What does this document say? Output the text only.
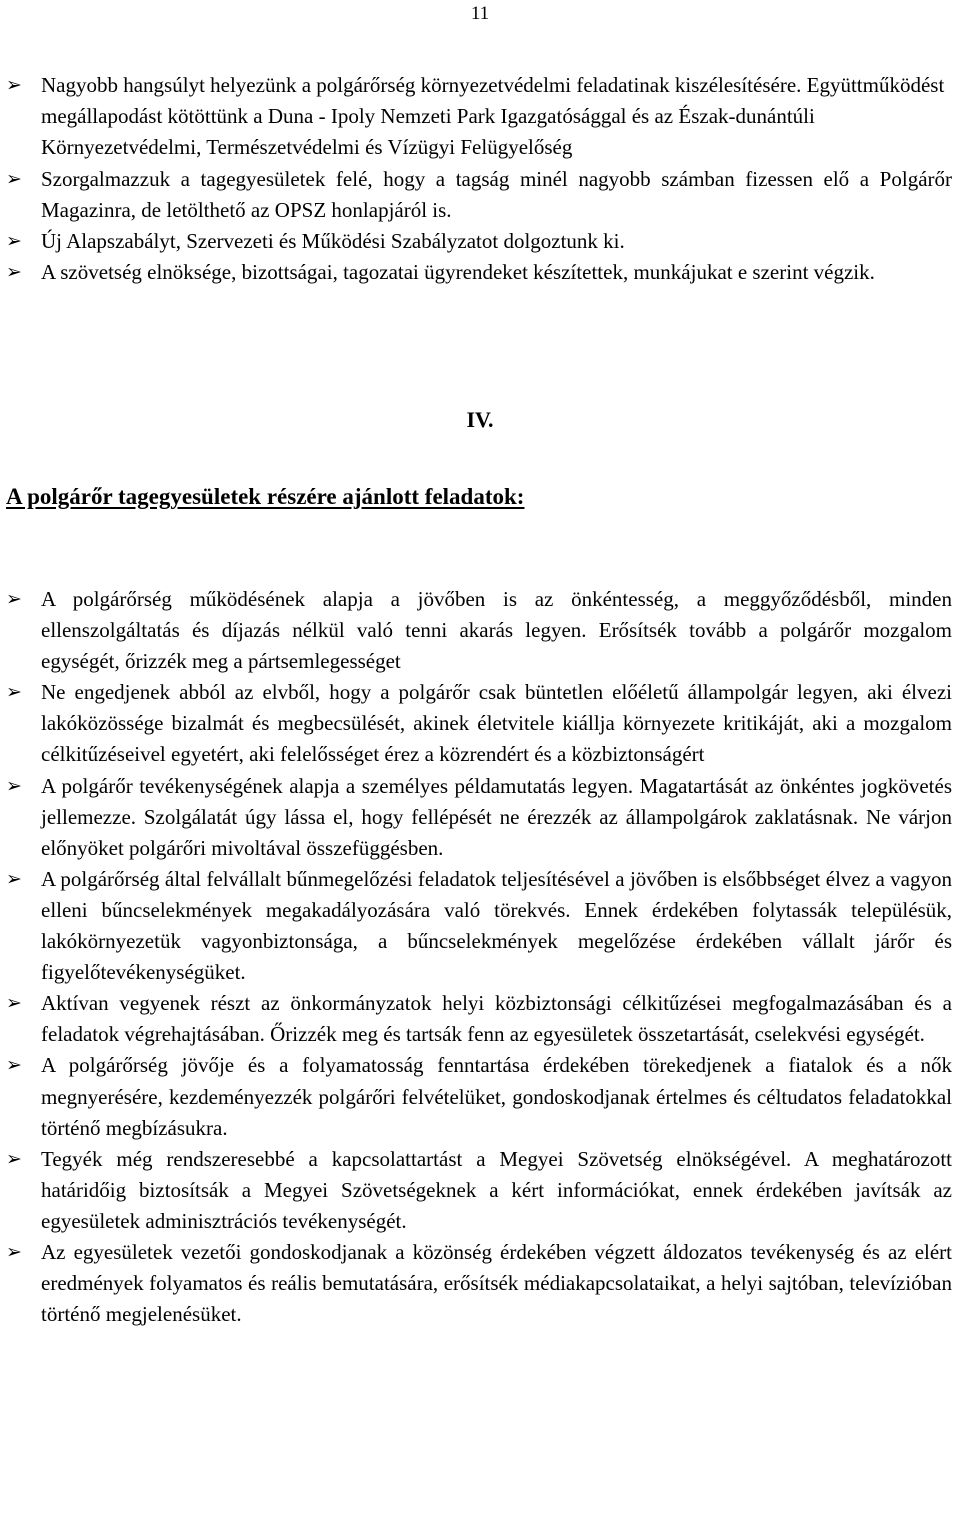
11
➢ Nagyobb hangsúlyt helyezünk a polgárőrség környezetvédelmi feladatinak kiszélesítésére. Együttműködést megállapodást kötöttünk a Duna - Ipoly Nemzeti Park Igazgatósággal és az Észak-dunántúli Környezetvédelmi, Természetvédelmi és Vízügyi Felügyelőség
➢ Szorgalmazzuk a tagegyesületek felé, hogy a tagság minél nagyobb számban fizessen elő a Polgárőr Magazinra, de letölthető az OPSZ honlapjáról is.
➢ Új Alapszabályt, Szervezeti és Működési Szabályzatot dolgoztunk ki.
➢ A szövetség elnöksége, bizottságai, tagozatai ügyrendeket készítettek, munkájukat e szerint végzik.
IV.
A polgárőr tagegyesületek részére ajánlott feladatok:
➢ A polgárőrség működésének alapja a jövőben is az önkéntesség, a meggyőződésből, minden ellenszolgáltatás és díjazás nélkül való tenni akarás legyen. Erősítsék tovább a polgárőr mozgalom egységét, őrizzék meg a pártsemlegességet
➢ Ne engedjenek abból az elvből, hogy a polgárőr csak büntetlen előéletű állampolgár legyen, aki élvezi lakóközössége bizalmát és megbecsülését, akinek életvitele kiállja környezete kritikáját, aki a mozgalom célkitűzéseivel egyetért, aki felelősséget érez a közrendért és a közbiztonságért
➢ A polgárőr tevékenységének alapja a személyes példamutatás legyen. Magatartását az önkéntes jogkövetés jellemezze. Szolgálatát úgy lássa el, hogy fellépését ne érezzék az állampolgárok zaklatásnak. Ne várjon előnyöket polgárőri mivoltával összefüggésben.
➢ A polgárőrség által felvállalt bűnmegelőzési feladatok teljesítésével a jövőben is elsőbbséget élvez a vagyon elleni bűncselekmények megakadályozására való törekvés. Ennek érdekében folytassák településük, lakókörnyezetük vagyonbiztonsága, a bűncselekmények megelőzése érdekében vállalt járőr és figyelőtevékenységüket.
➢ Aktívan vegyenek részt az önkormányzatok helyi közbiztonsági célkitűzései megfogalmazásában és a feladatok végrehajtásában. Őrizzék meg és tartsák fenn az egyesületek összetartását, cselekvési egységét.
➢ A polgárőrség jövője és a folyamatosság fenntartása érdekében törekedjenek a fiatalok és a nők megnyerésére, kezdeményezzék polgárőri felvételüket, gondoskodjanak értelmes és céltudatos feladatokkal történő megbízásukra.
➢ Tegyék még rendszeresebbé a kapcsolattartást a Megyei Szövetség elnökségével. A meghatározott határidőig biztosítsák a Megyei Szövetségeknek a kért információkat, ennek érdekében javítsák az egyesületek adminisztrációs tevékenységét.
➢ Az egyesületek vezetői gondoskodjanak a közönség érdekében végzett áldozatos tevékenység és az elért eredmények folyamatos és reális bemutatására, erősítsék médiakapcsolataikat, a helyi sajtóban, televízióban történő megjelenésüket.
